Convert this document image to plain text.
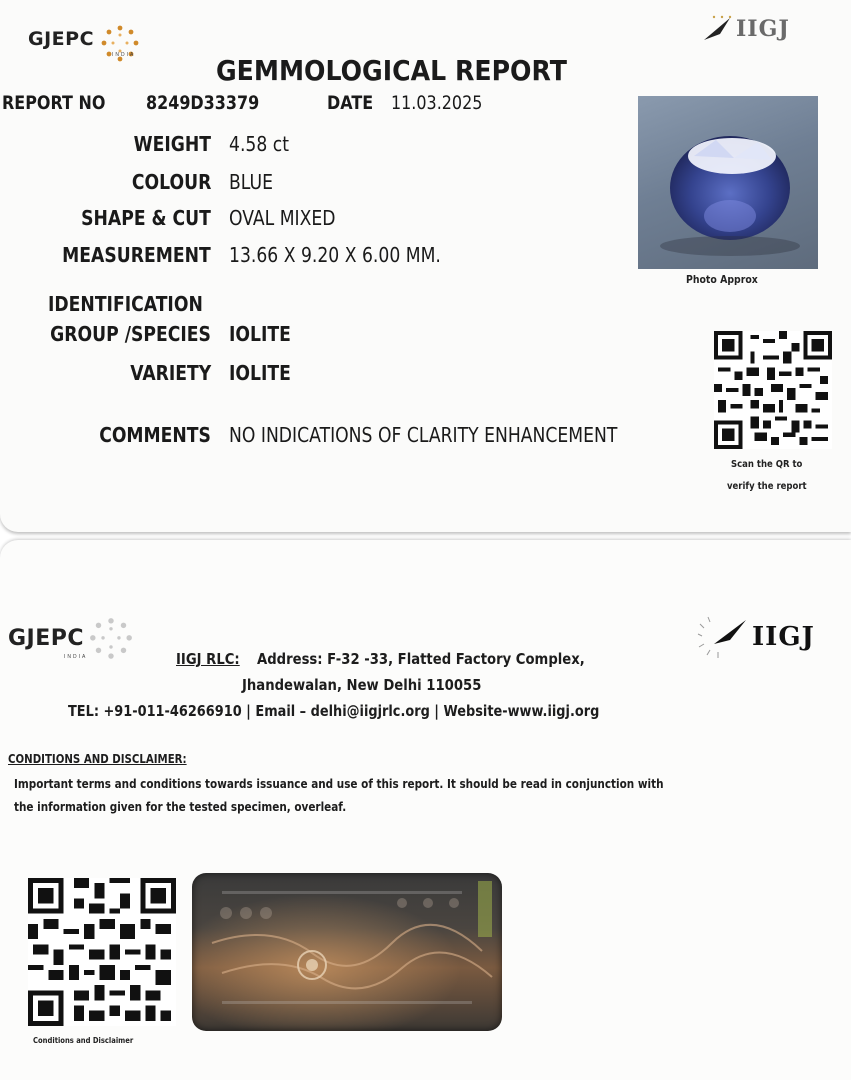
GJEPC
INDIA
IIGJ
GEMMOLOGICAL REPORT
REPORT NO 8249D33379	DATE 11.03.2025
WEIGHT 4.58 ct
COLOUR BLUE
SHAPE & CUT OVAL MIXED
MEASUREMENT 13.66 X 9.20 X 6.00 MM.
IDENTIFICATION
GROUP /SPECIES IOLITE
VARIETY IOLITE
COMMENTS NO INDICATIONS OF CLARITY ENHANCEMENT
Photo Approx
Scan the QR to
verify the report
GJEPC
INDIA
IIGJ
IIGJ RLC: Address: F-32 -33, Flatted Factory Complex,
Jhandewalan, New Delhi 110055
TEL: +91-011-46266910 | Email – delhi@iigjrlc.org | Website-www.iigj.org
CONDITIONS AND DISCLAIMER:
Important terms and conditions towards issuance and use of this report. It should be read in conjunction with
the information given for the tested specimen, overleaf.
Conditions and Disclaimer
